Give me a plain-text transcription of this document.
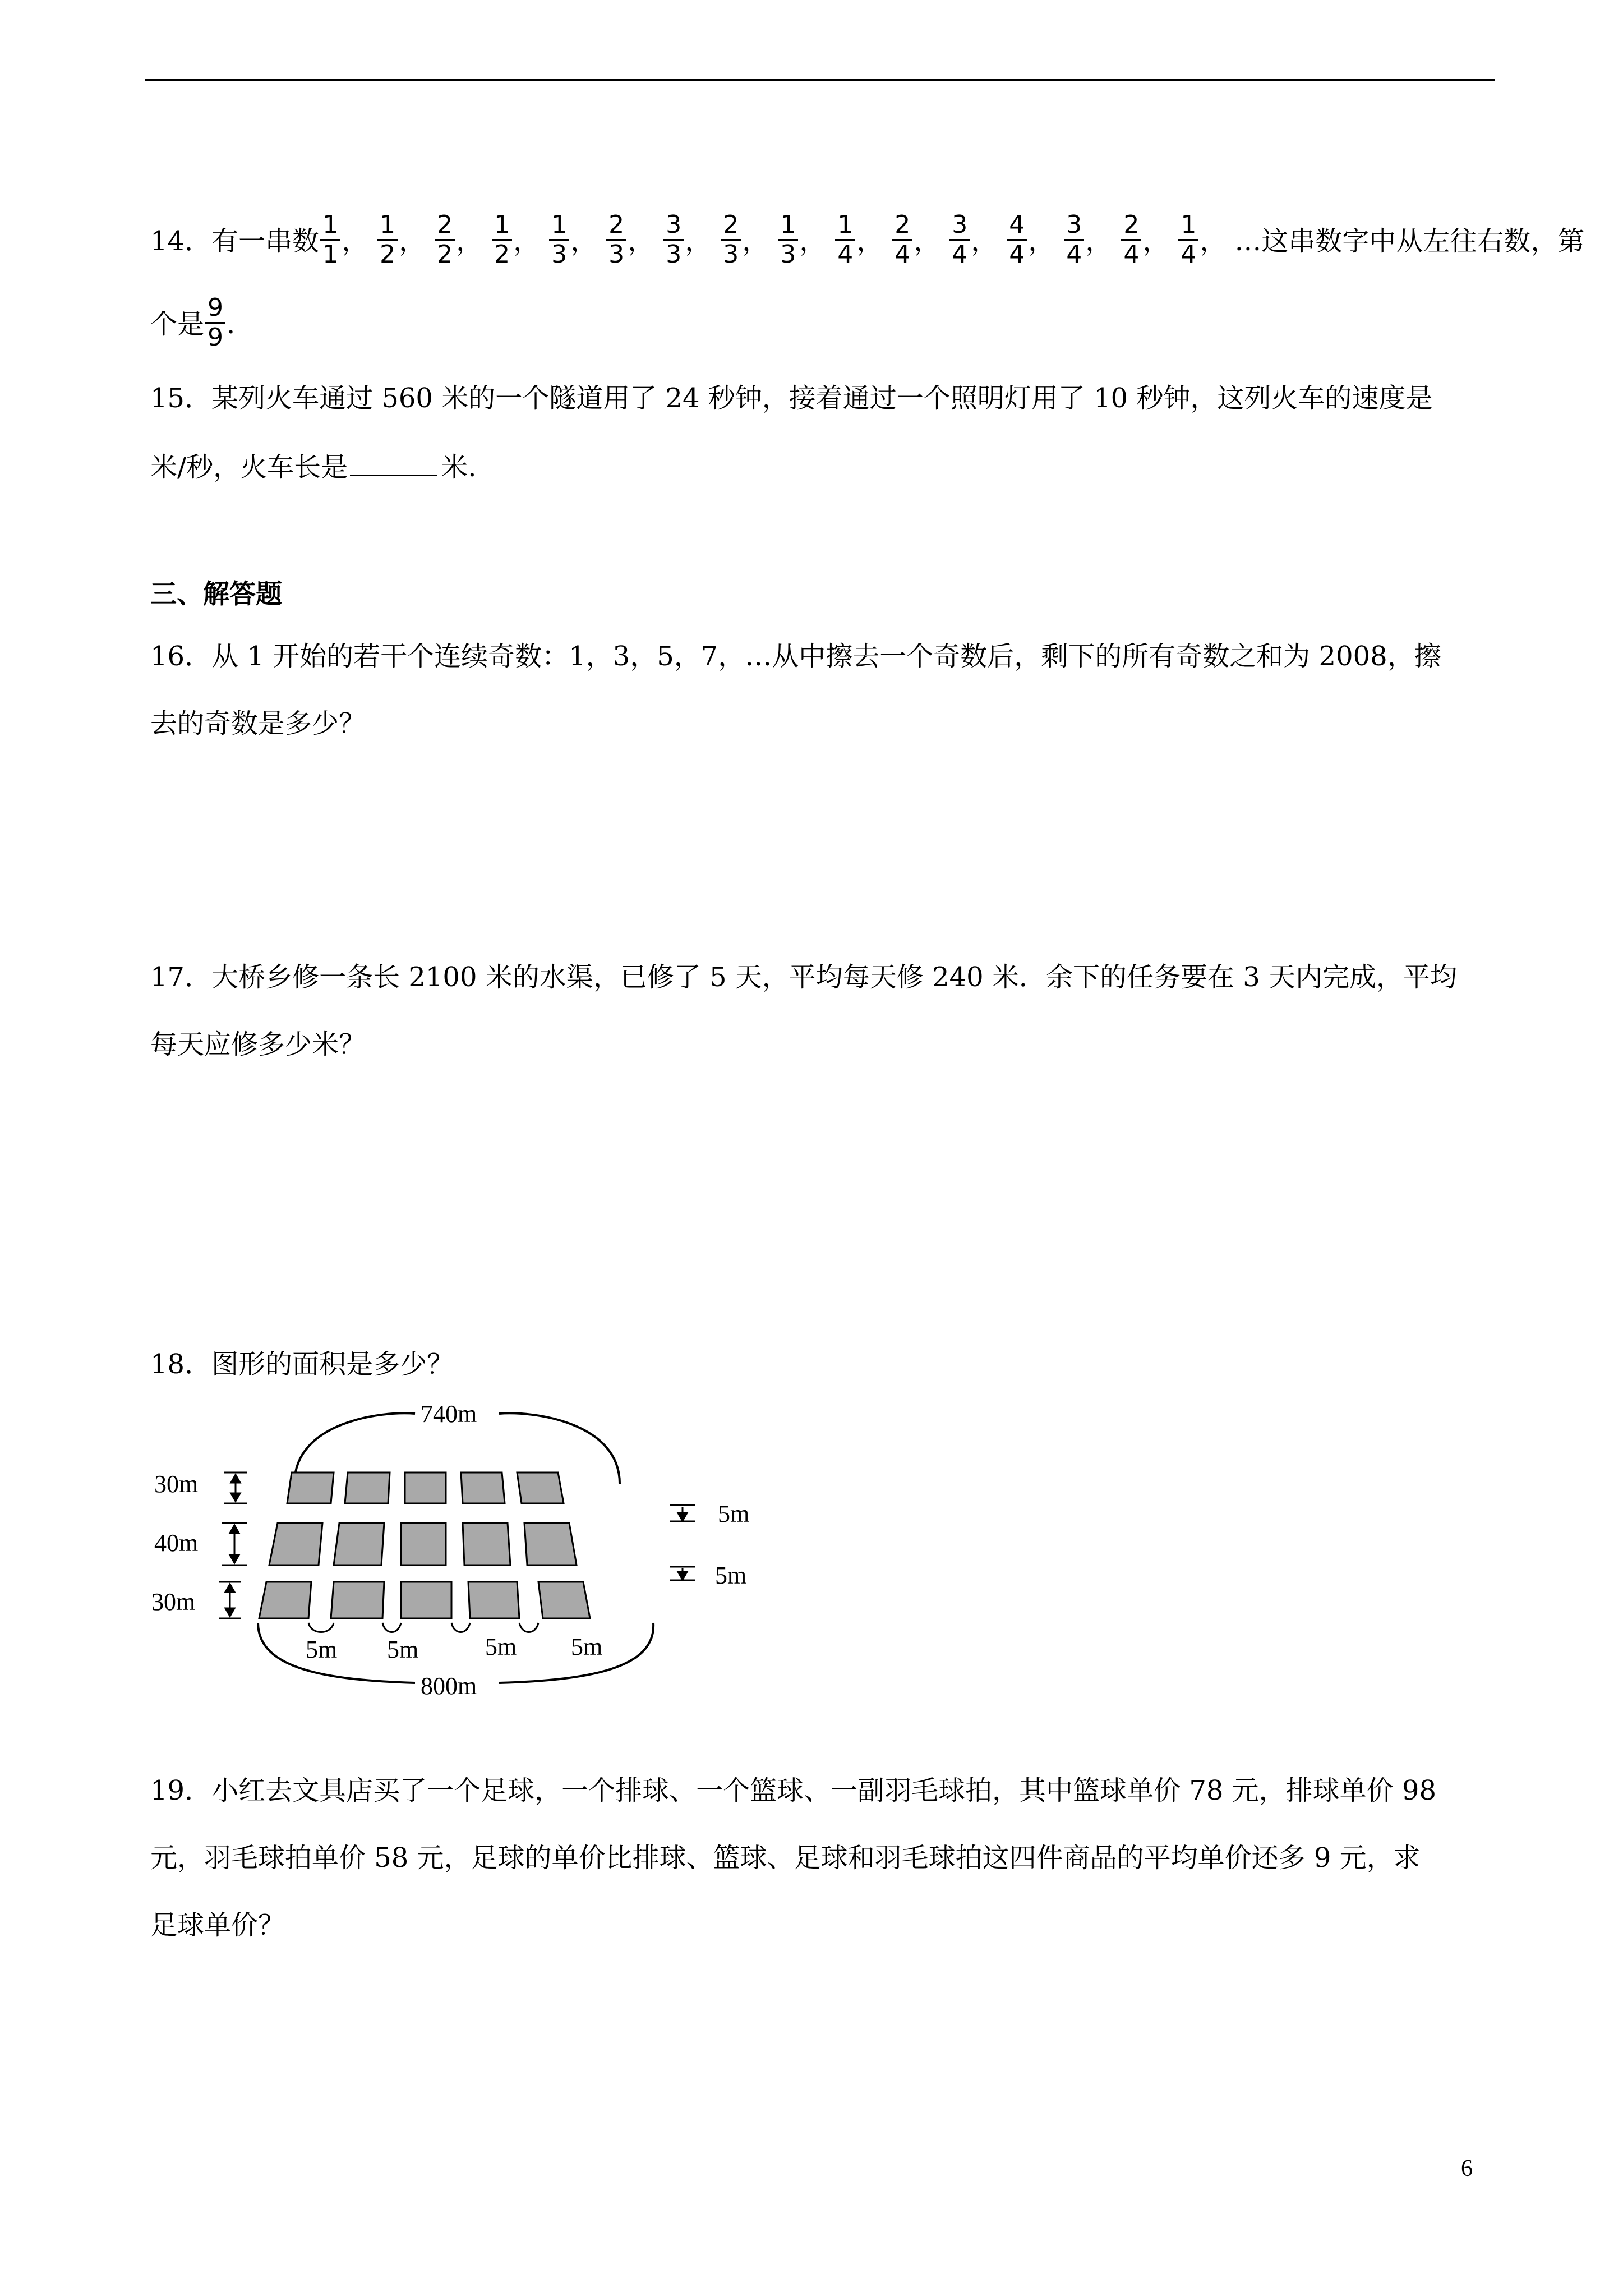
14．有一串数 $\frac{1}{1}$ ， $\frac{1}{2}$ ， $\frac{2}{2}$ ， $\frac{1}{2}$ ， $\frac{1}{3}$ ， $\frac{2}{3}$ ， $\frac{3}{3}$ ， $\frac{2}{3}$ ， $\frac{1}{3}$ ， $\frac{1}{4}$ ， $\frac{2}{4}$ ， $\frac{3}{4}$ ， $\frac{4}{4}$ ， $\frac{3}{4}$ ， $\frac{2}{4}$ ， $\frac{1}{4}$ ， …这串数字中从左往右数，第
个是 $\frac{9}{9}$ .
15．某列火车通过 560 米的一个隧道用了 24 秒钟，接着通过一个照明灯用了 10 秒钟，这列火车的速度是
米/秒，火车长是	米.
三、解答题
16．从 1 开始的若干个连续奇数：1，3，5，7，…从中擦去一个奇数后，剩下的所有奇数之和为 2008，擦
去的奇数是多少？
17．大桥乡修一条长 2100 米的水渠，已修了 5 天，平均每天修 240 米．余下的任务要在 3 天内完成，平均
每天应修多少米？
18．图形的面积是多少？
740m
30m
40m
30m
5m
5m
800m
5m 5m	5m 5m
19．小红去文具店买了一个足球，一个排球、一个篮球、一副羽毛球拍，其中篮球单价 78 元，排球单价 98
元，羽毛球拍单价 58 元，足球的单价比排球、篮球、足球和羽毛球拍这四件商品的平均单价还多 9 元，求
足球单价？
6
